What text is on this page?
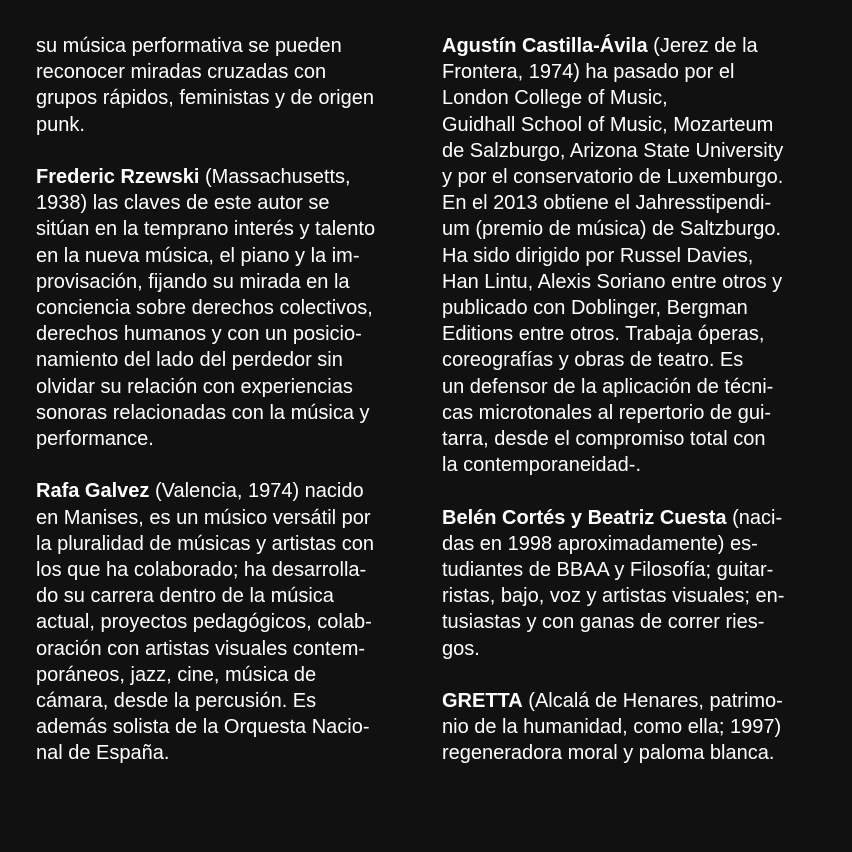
su música performativa se pueden
reconocer miradas cruzadas con
grupos rápidos, feministas y de origen
punk.

Frederic Rzewski (Massachusetts,
1938) las claves de este autor se
sitúan en la temprano interés y talento
en la nueva música, el piano y la im-
provisación, fijando su mirada en la
conciencia sobre derechos colectivos,
derechos humanos y con un posicio-
namiento del lado del perdedor sin
olvidar su relación con experiencias
sonoras relacionadas con la música y
performance.

Rafa Galvez (Valencia, 1974) nacido
en Manises, es un músico versátil por
la pluralidad de músicas y artistas con
los que ha colaborado; ha desarrolla-
do su carrera dentro de la música
actual, proyectos pedagógicos, colab-
oración con artistas visuales contem-
poráneos, jazz, cine, música de
cámara, desde la percusión. Es
además solista de la Orquesta Nacio-
nal de España.

Agustín Castilla-Ávila (Jerez de la
Frontera, 1974) ha pasado por el
London College of Music,
Guidhall School of Music, Mozarteum
de Salzburgo, Arizona State University
y por el conservatorio de Luxemburgo.
En el 2013 obtiene el Jahresstipendi-
um (premio de música) de Saltzburgo.
Ha sido dirigido por Russel Davies,
Han Lintu, Alexis Soriano entre otros y
publicado con Doblinger, Bergman
Editions entre otros. Trabaja óperas,
coreografías y obras de teatro. Es
un defensor de la aplicación de técni-
cas microtonales al repertorio de gui-
tarra, desde el compromiso total con
la contemporaneidad-.

Belén Cortés y Beatriz Cuesta (naci-
das en 1998 aproximadamente) es-
tudiantes de BBAA y Filosofía; guitar-
ristas, bajo, voz y artistas visuales; en-
tusiastas y con ganas de correr ries-
gos.

GRETTA (Alcalá de Henares, patrimo-
nio de la humanidad, como ella; 1997)
regeneradora moral y paloma blanca.
